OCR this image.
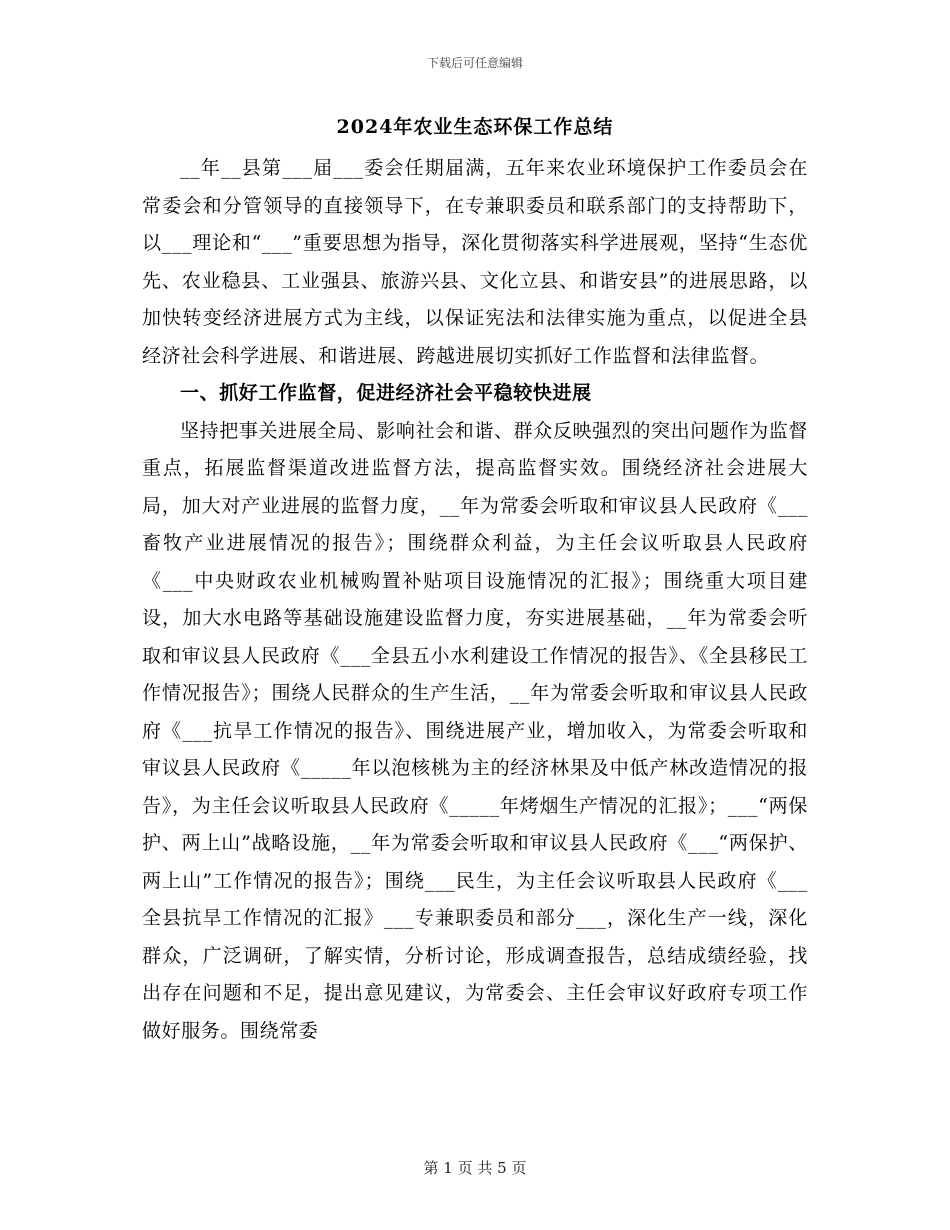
下载后可任意编辑
2024年农业生态环保工作总结

__年__县第___届___委会任期届满，五年来农业环境保护工作委员会在常委会和分管领导的直接领导下，在专兼职委员和联系部门的支持帮助下，以___理论和“___”重要思想为指导，深化贯彻落实科学进展观，坚持“生态优先、农业稳县、工业强县、旅游兴县、文化立县、和谐安县”的进展思路，以加快转变经济进展方式为主线，以保证宪法和法律实施为重点，以促进全县经济社会科学进展、和谐进展、跨越进展切实抓好工作监督和法律监督。

一、抓好工作监督，促进经济社会平稳较快进展

坚持把事关进展全局、影响社会和谐、群众反映强烈的突出问题作为监督重点，拓展监督渠道改进监督方法，提高监督实效。围绕经济社会进展大局，加大对产业进展的监督力度，__年为常委会听取和审议县人民政府《___畜牧产业进展情况的报告》；围绕群众利益，为主任会议听取县人民政府《___中央财政农业机械购置补贴项目设施情况的汇报》；围绕重大项目建设，加大水电路等基础设施建设监督力度，夯实进展基础，__年为常委会听取和审议县人民政府《___全县五小水利建设工作情况的报告》、《全县移民工作情况报告》；围绕人民群众的生产生活，__年为常委会听取和审议县人民政府《___抗旱工作情况的报告》、围绕进展产业，增加收入，为常委会听取和审议县人民政府《_____年以泡核桃为主的经济林果及中低产林改造情况的报告》，为主任会议听取县人民政府《_____年烤烟生产情况的汇报》；___“两保护、两上山”战略设施，__年为常委会听取和审议县人民政府《___“两保护、两上山”工作情况的报告》；围绕___民生，为主任会议听取县人民政府《___全县抗旱工作情况的汇报》___专兼职委员和部分___，深化生产一线，深化群众，广泛调研，了解实情，分析讨论，形成调查报告，总结成绩经验，找出存在问题和不足，提出意见建议，为常委会、主任会审议好政府专项工作做好服务。围绕常委

第 1 页 共 5 页
